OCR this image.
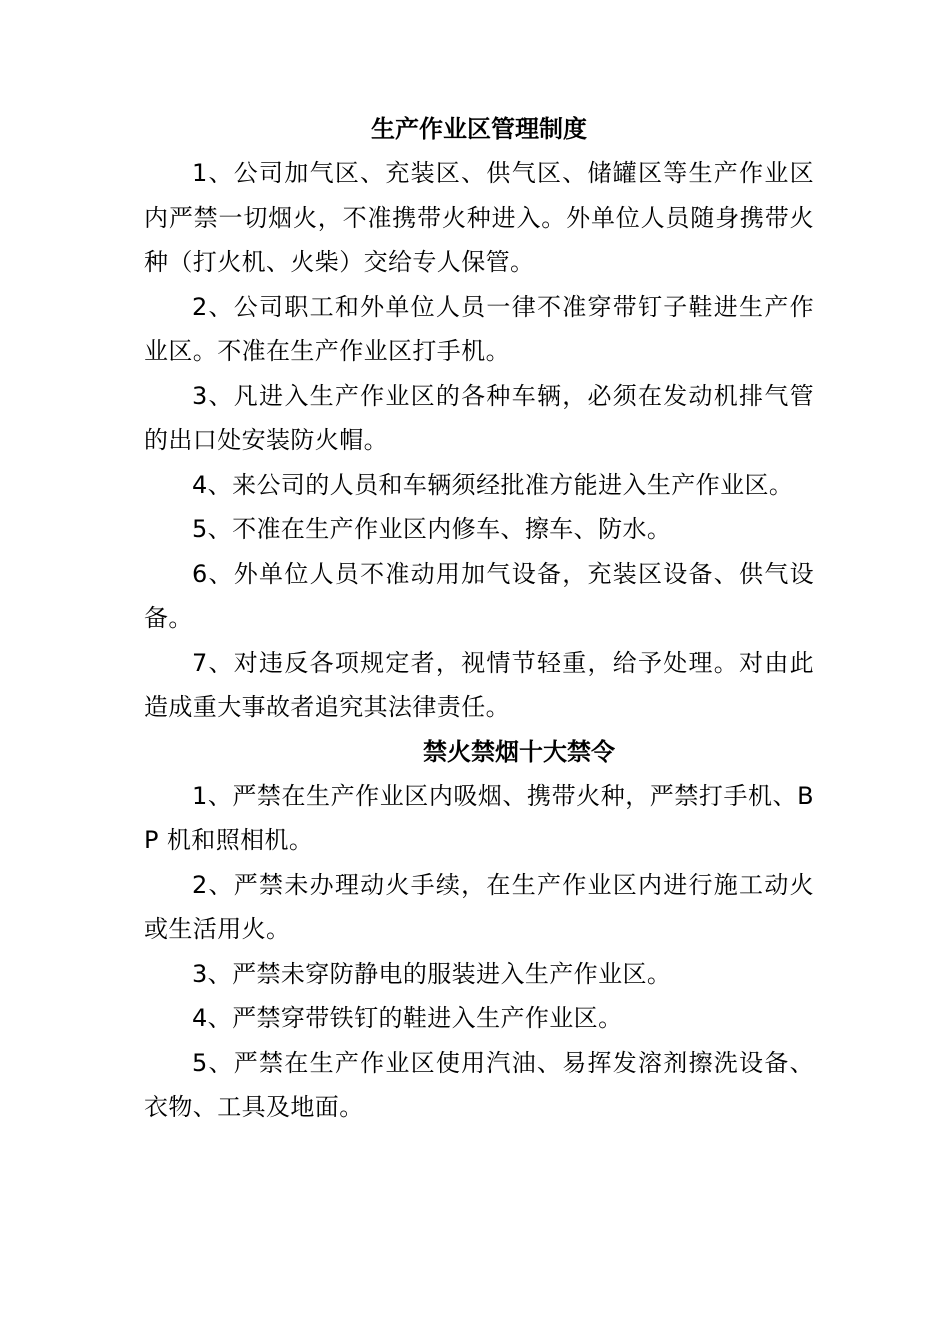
生产作业区管理制度

1、公司加气区、充装区、供气区、储罐区等生产作业区内严禁一切烟火，不准携带火种进入。外单位人员随身携带火种（打火机、火柴）交给专人保管。

2、公司职工和外单位人员一律不准穿带钉子鞋进生产作业区。不准在生产作业区打手机。

3、凡进入生产作业区的各种车辆，必须在发动机排气管的出口处安装防火帽。

4、来公司的人员和车辆须经批准方能进入生产作业区。

5、不准在生产作业区内修车、擦车、防水。

6、外单位人员不准动用加气设备，充装区设备、供气设备。

7、对违反各项规定者，视情节轻重，给予处理。对由此造成重大事故者追究其法律责任。

禁火禁烟十大禁令

1、严禁在生产作业区内吸烟、携带火种，严禁打手机、BP 机和照相机。

2、严禁未办理动火手续，在生产作业区内进行施工动火或生活用火。

3、严禁未穿防静电的服装进入生产作业区。

4、严禁穿带铁钉的鞋进入生产作业区。

5、严禁在生产作业区使用汽油、易挥发溶剂擦洗设备、衣物、工具及地面。
